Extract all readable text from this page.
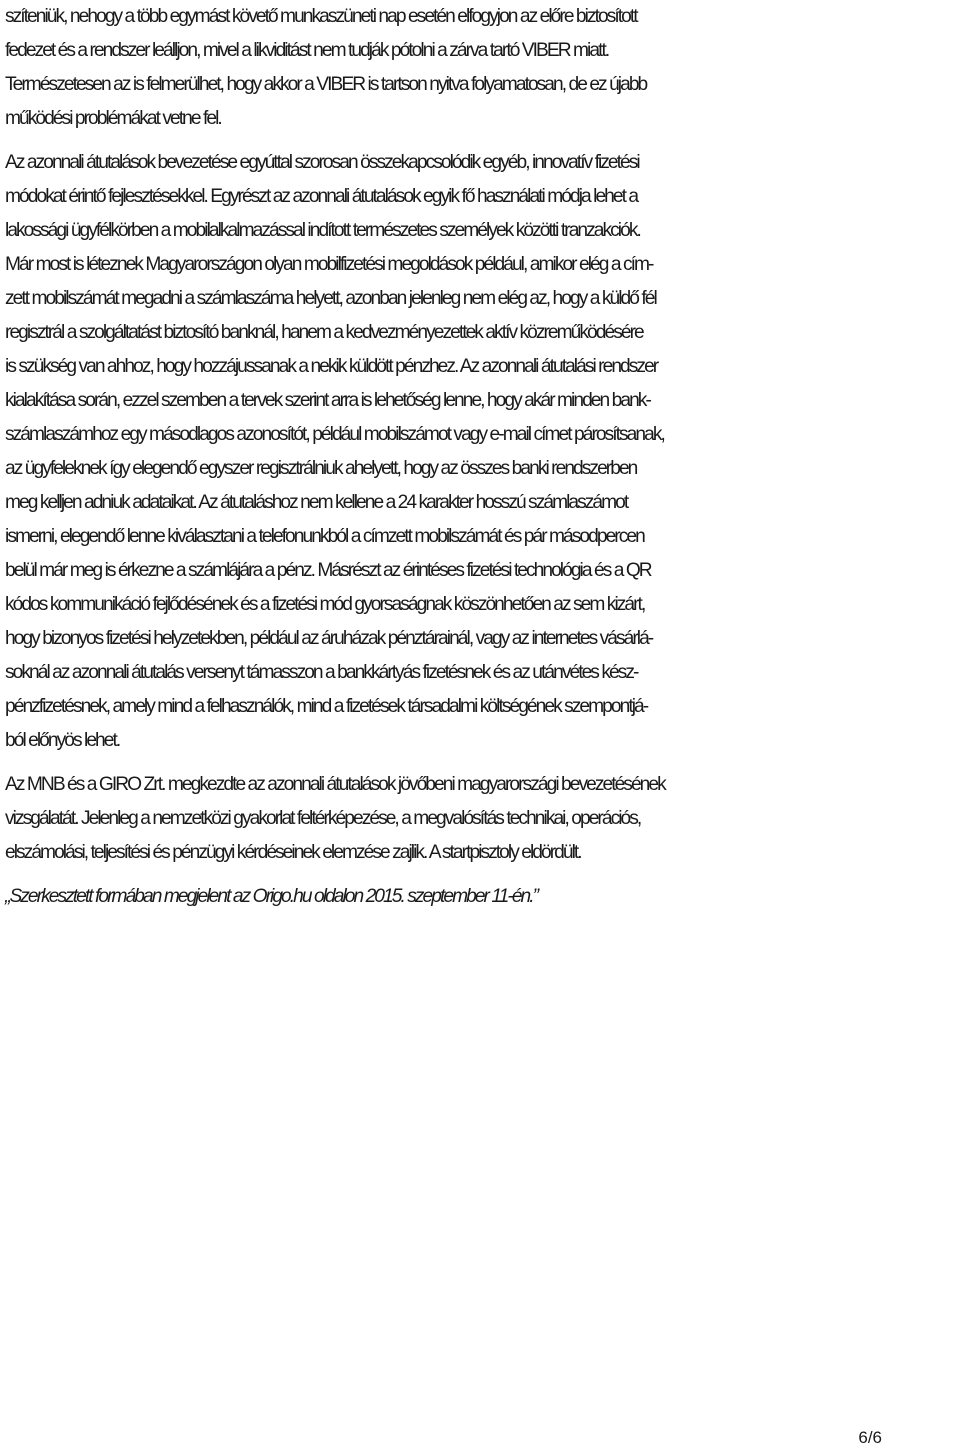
szíteniük, nehogy a több egymást követő munkaszüneti nap esetén elfogyjon az előre biztosított
fedezet és a rendszer leálljon, mivel a likviditást nem tudják pótolni a zárva tartó VIBER miatt.
Természetesen az is felmerülhet, hogy akkor a VIBER is tartson nyitva folyamatosan, de ez újabb
működési problémákat vetne fel.
Az azonnali átutalások bevezetése egyúttal szorosan összekapcsolódik egyéb, innovatív fizetési
módokat érintő fejlesztésekkel. Egyrészt az azonnali átutalások egyik fő használati módja lehet a
lakossági ügyfélkörben a mobilalkalmazással indított természetes személyek közötti tranzakciók.
Már most is léteznek Magyarországon olyan mobilfizetési megoldások például, amikor elég a cím-
zett mobilszámát megadni a számlaszáma helyett, azonban jelenleg nem elég az, hogy a küldő fél
regisztrál a szolgáltatást biztosító banknál, hanem a kedvezményezettek aktív közreműködésére
is szükség van ahhoz, hogy hozzájussanak a nekik küldött pénzhez. Az azonnali átutalási rendszer
kialakítása során, ezzel szemben a tervek szerint arra is lehetőség lenne, hogy akár minden bank-
számlaszámhoz egy másodlagos azonosítót, például mobilszámot vagy e-mail címet párosítsanak,
az ügyfeleknek így elegendő egyszer regisztrálniuk ahelyett, hogy az összes banki rendszerben
meg kelljen adniuk adataikat. Az átutaláshoz nem kellene a 24 karakter hosszú számlaszámot
ismerni, elegendő lenne kiválasztani a telefonunkból a címzett mobilszámát és pár másodpercen
belül már meg is érkezne a számlájára a pénz. Másrészt az érintéses fizetési technológia és a QR
kódos kommunikáció fejlődésének és a fizetési mód gyorsaságnak köszönhetően az sem kizárt,
hogy bizonyos fizetési helyzetekben, például az áruházak pénztárainál, vagy az internetes vásárlá-
soknál az azonnali átutalás versenyt támasszon a bankkártyás fizetésnek és az utánvétes kész-
pénzfizetésnek, amely mind a felhasználók, mind a fizetések társadalmi költségének szempontjá-
ból előnyös lehet.
Az MNB és a GIRO Zrt. megkezdte az azonnali átutalások jövőbeni magyarországi bevezetésének
vizsgálatát. Jelenleg a nemzetközi gyakorlat feltérképezése, a megvalósítás technikai, operációs,
elszámolási, teljesítési és pénzügyi kérdéseinek elemzése zajlik. A startpisztoly eldördült.
„Szerkesztett formában megjelent az Origo.hu oldalon 2015. szeptember 11-én.”
6/6
